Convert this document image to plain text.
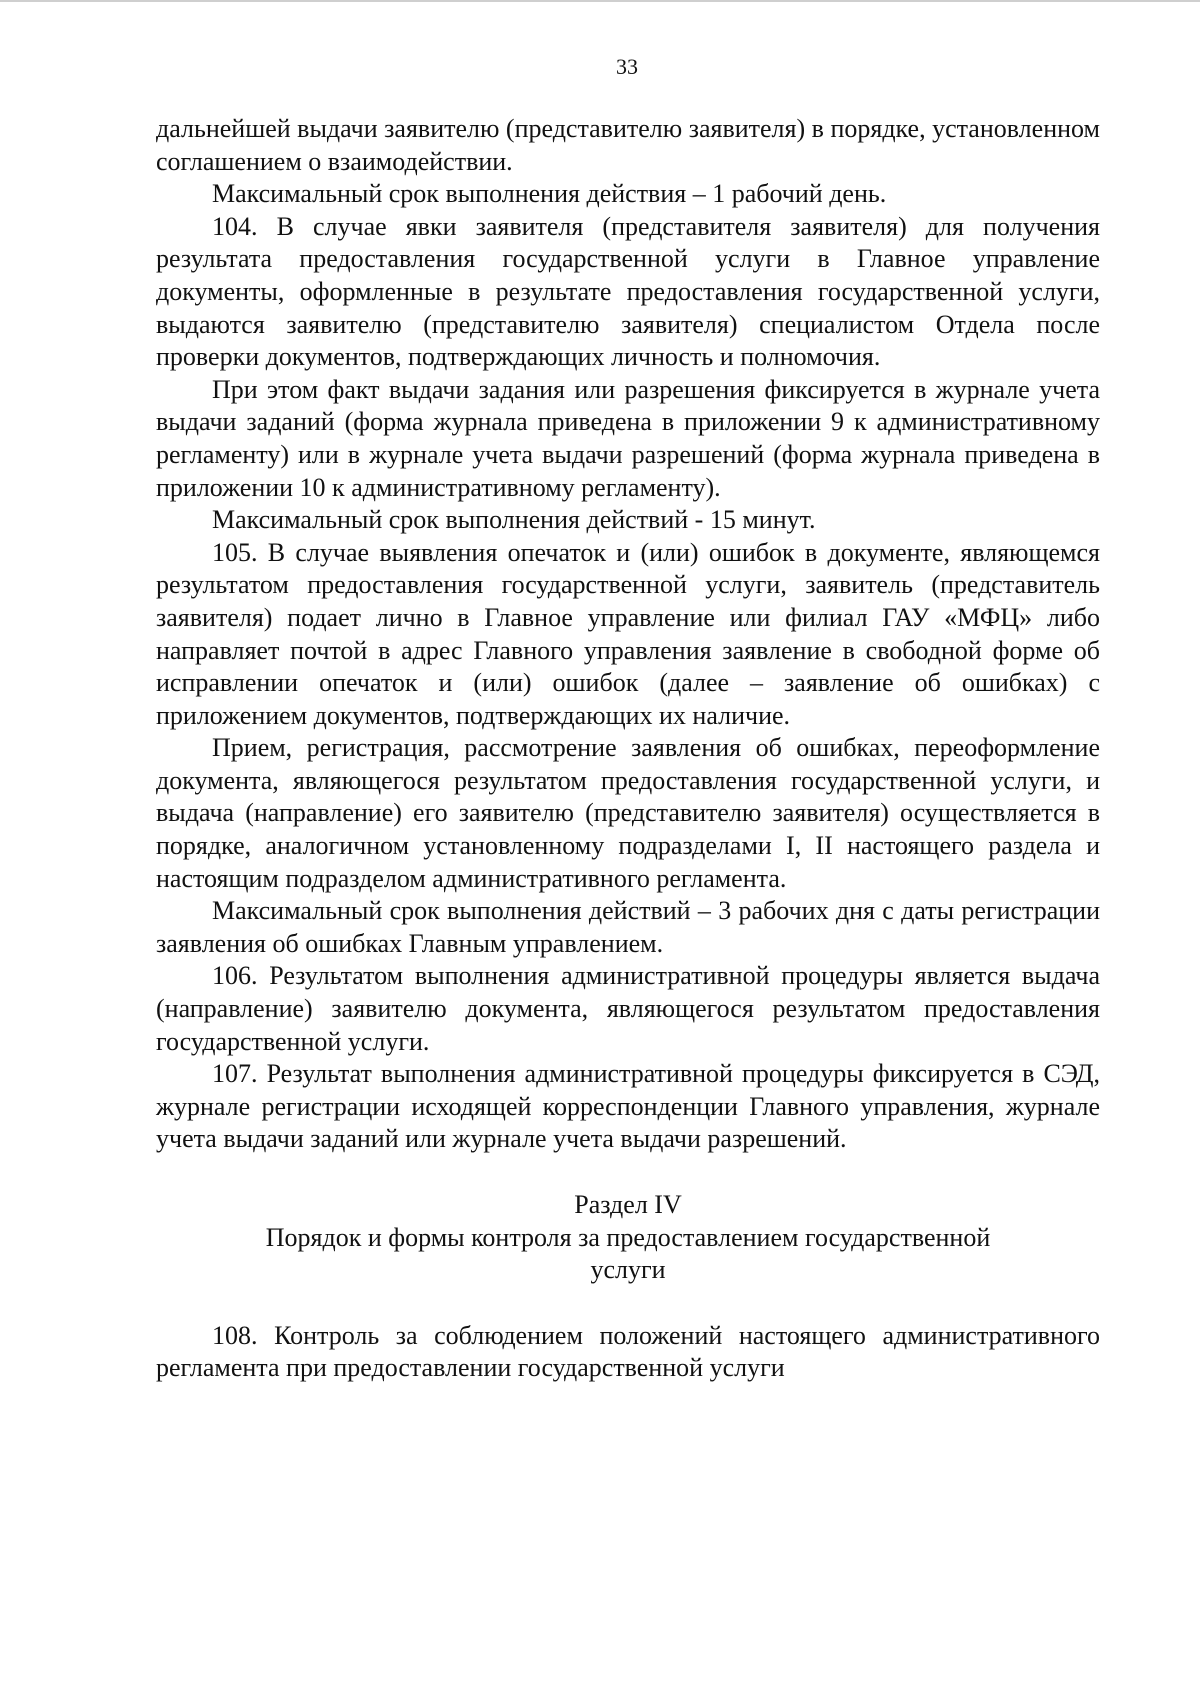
33

дальнейшей выдачи заявителю (представителю заявителя) в порядке, установленном соглашением о взаимодействии.

Максимальный срок выполнения действия – 1 рабочий день.

104. В случае явки заявителя (представителя заявителя) для получения результата предоставления государственной услуги в Главное управление документы, оформленные в результате предоставления государственной услуги, выдаются заявителю (представителю заявителя) специалистом Отдела после проверки документов, подтверждающих личность и полномочия.

При этом факт выдачи задания или разрешения фиксируется в журнале учета выдачи заданий (форма журнала приведена в приложении 9 к административному регламенту) или в журнале учета выдачи разрешений (форма журнала приведена в приложении 10 к административному регламенту).

Максимальный срок выполнения действий - 15 минут.

105. В случае выявления опечаток и (или) ошибок в документе, являющемся результатом предоставления государственной услуги, заявитель (представитель заявителя) подает лично в Главное управление или филиал ГАУ «МФЦ» либо направляет почтой в адрес Главного управления заявление в свободной форме об исправлении опечаток и (или) ошибок (далее – заявление об ошибках) с приложением документов, подтверждающих их наличие.

Прием, регистрация, рассмотрение заявления об ошибках, переоформление документа, являющегося результатом предоставления государственной услуги, и выдача (направление) его заявителю (представителю заявителя) осуществляется в порядке, аналогичном установленному подразделами I, II настоящего раздела и настоящим подразделом административного регламента.

Максимальный срок выполнения действий – 3 рабочих дня с даты регистрации заявления об ошибках Главным управлением.

106. Результатом выполнения административной процедуры является выдача (направление) заявителю документа, являющегося результатом предоставления государственной услуги.

107. Результат выполнения административной процедуры фиксируется в СЭД, журнале регистрации исходящей корреспонденции Главного управления, журнале учета выдачи заданий или журнале учета выдачи разрешений.

Раздел IV

Порядок и формы контроля за предоставлением государственной услуги

108. Контроль за соблюдением положений настоящего административного регламента при предоставлении государственной услуги
